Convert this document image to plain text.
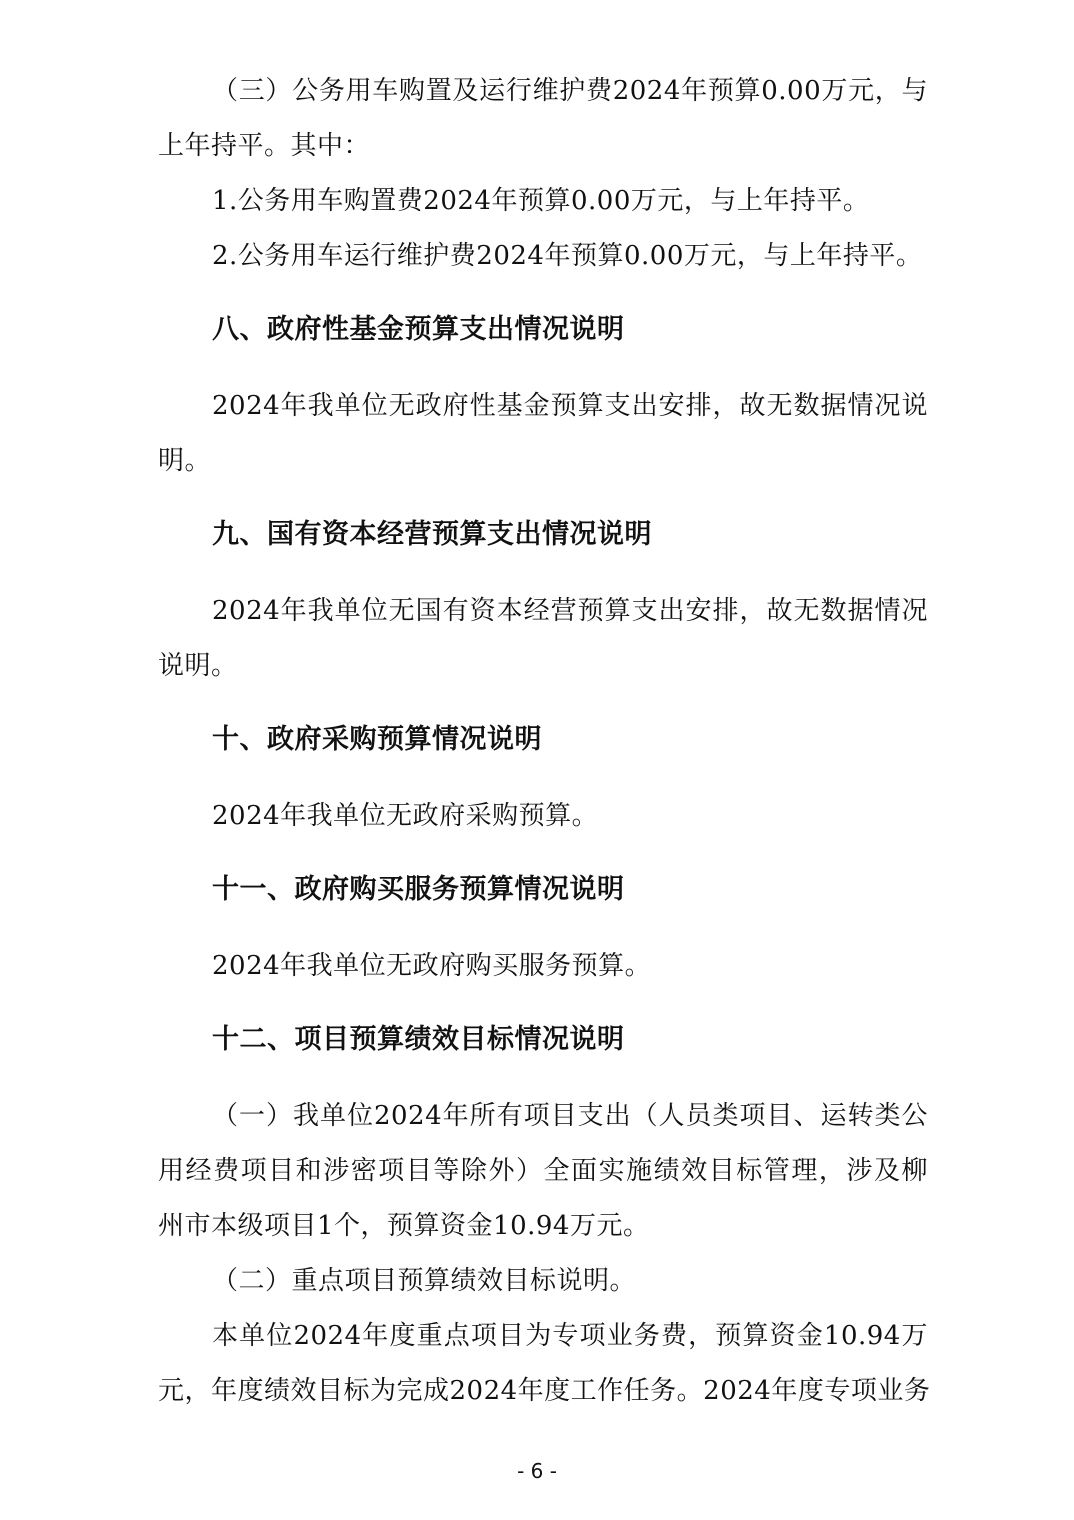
（三）公务用车购置及运行维护费2024年预算0.00万元，与
上年持平。其中：
1.公务用车购置费2024年预算0.00万元，与上年持平。
2.公务用车运行维护费2024年预算0.00万元，与上年持平。
八、政府性基金预算支出情况说明
2024年我单位无政府性基金预算支出安排，故无数据情况说
明。
九、国有资本经营预算支出情况说明
2024年我单位无国有资本经营预算支出安排，故无数据情况
说明。
十、政府采购预算情况说明
2024年我单位无政府采购预算。
十一、政府购买服务预算情况说明
2024年我单位无政府购买服务预算。
十二、项目预算绩效目标情况说明
（一）我单位2024年所有项目支出（人员类项目、运转类公
用经费项目和涉密项目等除外）全面实施绩效目标管理，涉及柳
州市本级项目1个，预算资金10.94万元。
（二）重点项目预算绩效目标说明。
本单位2024年度重点项目为专项业务费，预算资金10.94万
元，年度绩效目标为完成2024年度工作任务。2024年度专项业务
- 6 -
